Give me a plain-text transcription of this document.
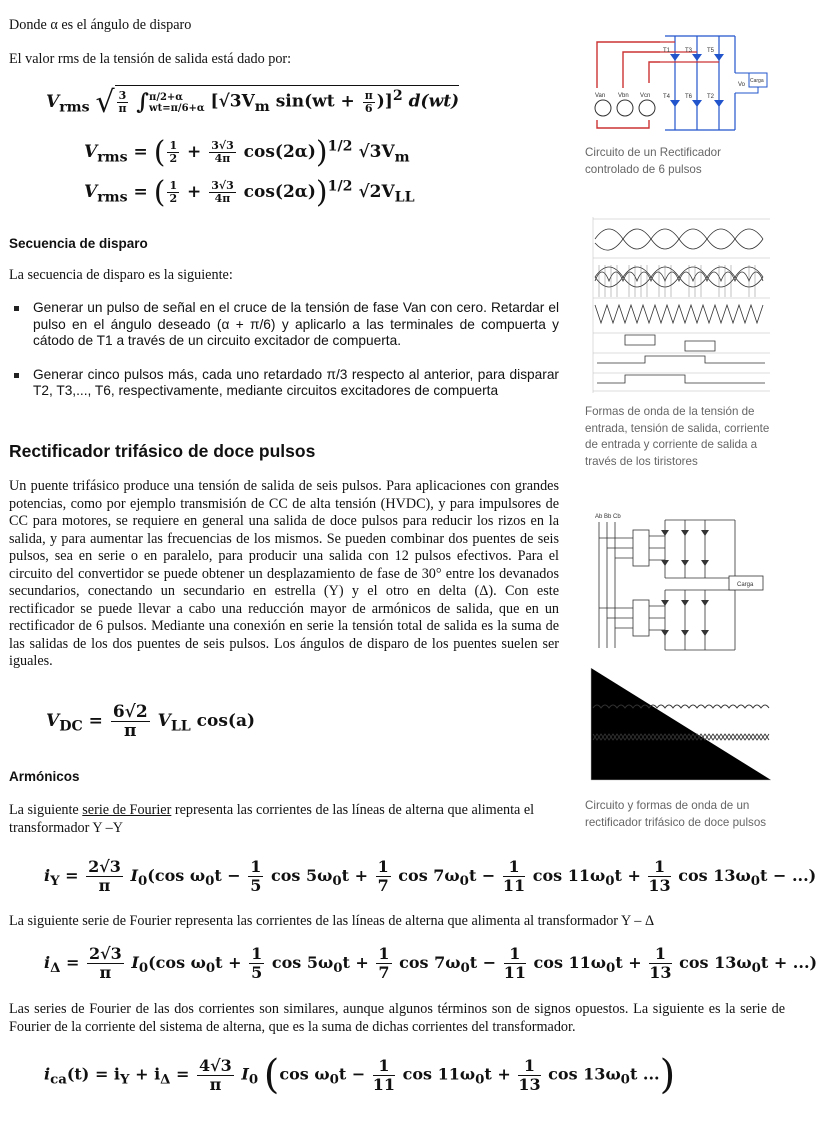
Donde α es el ángulo de disparo

El valor rms de la tensión de salida está dado por:

$V_{rms}$ √ $\frac{3}{\pi}$ ∫ π/2+α
wt=π/6+α [$√3V_m$ $\sin(wt + \frac{\pi}{6} )]^2$ d(wt)
$V_{rms}$ = ( $\frac{1}{2} + \frac{3√3}{4\pi} \cos(2\alpha))^{1/2}$ $√3V_m$
$V_{rms}$ = ( $\frac{1}{2} + \frac{3√3}{4\pi} \cos(2\alpha))^{1/2}$ $√2V_{LL}$
Secuencia de disparo

La secuencia de disparo es la siguiente:

Generar un pulso de señal en el cruce de la tensión de fase Van con cero. Retardar el pulso en el ángulo deseado (α + π/6) y aplicarlo a las terminales de compuerta y cátodo de T1 a través de un circuito excitador de compuerta.
Generar cinco pulsos más, cada uno retardado π/3 respecto al anterior, para disparar T2, T3,..., T6, respectivamente, mediante circuitos excitadores de compuerta
Rectificador trifásico de doce pulsos

Un puente trifásico produce una tensión de salida de seis pulsos. Para aplicaciones con grandes potencias, como por ejemplo transmisión de CC de alta tensión (HVDC), y para impulsores de CC para motores, se requiere en general una salida de doce pulsos para reducir los rizos en la salida, y para aumentar las frecuencias de los mismos. Se pueden combinar dos puentes de seis pulsos, sea en serie o en paralelo, para producir una salida con 12 pulsos efectivos. Para el circuito del convertidor se puede obtener un desplazamiento de fase de 30° entre los devanados secundarios, conectando un secundario en estrella (Y) y el otro en delta (Δ). Con este rectificador se puede llevar a cabo una reducción mayor de armónicos de salida, que en un rectificador de 6 pulsos. Mediante una conexión en serie la tensión total de salida es la suma de las salidas de los dos puentes de seis pulsos. Los ángulos de disparo de los puentes suelen ser iguales.

$V_{DC} = \frac{6√2}{\pi} V_{LL}$ cos(a)
Armónicos

La siguiente serie de Fourier representa las corrientes de las líneas de alterna que alimenta el transformador Y –Y

$i_Y = \frac{2√3}{\pi} I_0(\cos$ $\omega_0t - \frac{1}{5}$ $\cos 5\omega_0t + \frac{1}{7}$ $\cos 7\omega_0t - \frac{1}{11}$ $\cos 11\omega_0t + \frac{1}{13}$ $\cos 13\omega_0t$ − ...)

La siguiente serie de Fourier representa las corrientes de las líneas de alterna que alimenta al transformador Y – Δ

$i_\Delta = \frac{2√3}{\pi} I_0(\cos$ $\omega_0t + \frac{1}{5}$ $\cos 5\omega_0t + \frac{1}{7}$ $\cos 7\omega_0t - \frac{1}{11}$ $\cos 11\omega_0t + \frac{1}{13}$ $\cos 13\omega_0t$ + ...)

Las series de Fourier de las dos corrientes son similares, aunque algunos términos son de signos opuestos. La siguiente es la serie de Fourier de la corriente del sistema de alterna, que es la suma de dichas corrientes del transformador.

$i_{ca}(t) = i_Y + i_\Delta = \frac{4√3}{\pi} I_0$ (cos $\omega_0t - \frac{1}{11}$ $\cos 11\omega_0t + \frac{1}{13}$ $\cos 13\omega_0t$ ...)
Van Vbn Vcn
T1 T3 T5
T4 T6 T2
Carga
Vo
Circuito de un Rectificador controlado de 6 pulsos
Formas de onda de la tensión de entrada, tensión de salida, corriente de entrada y corriente de salida a través de los tiristores
Ab Bb Cb
Carga
Circuito y formas de onda de un rectificador trifásico de doce pulsos
